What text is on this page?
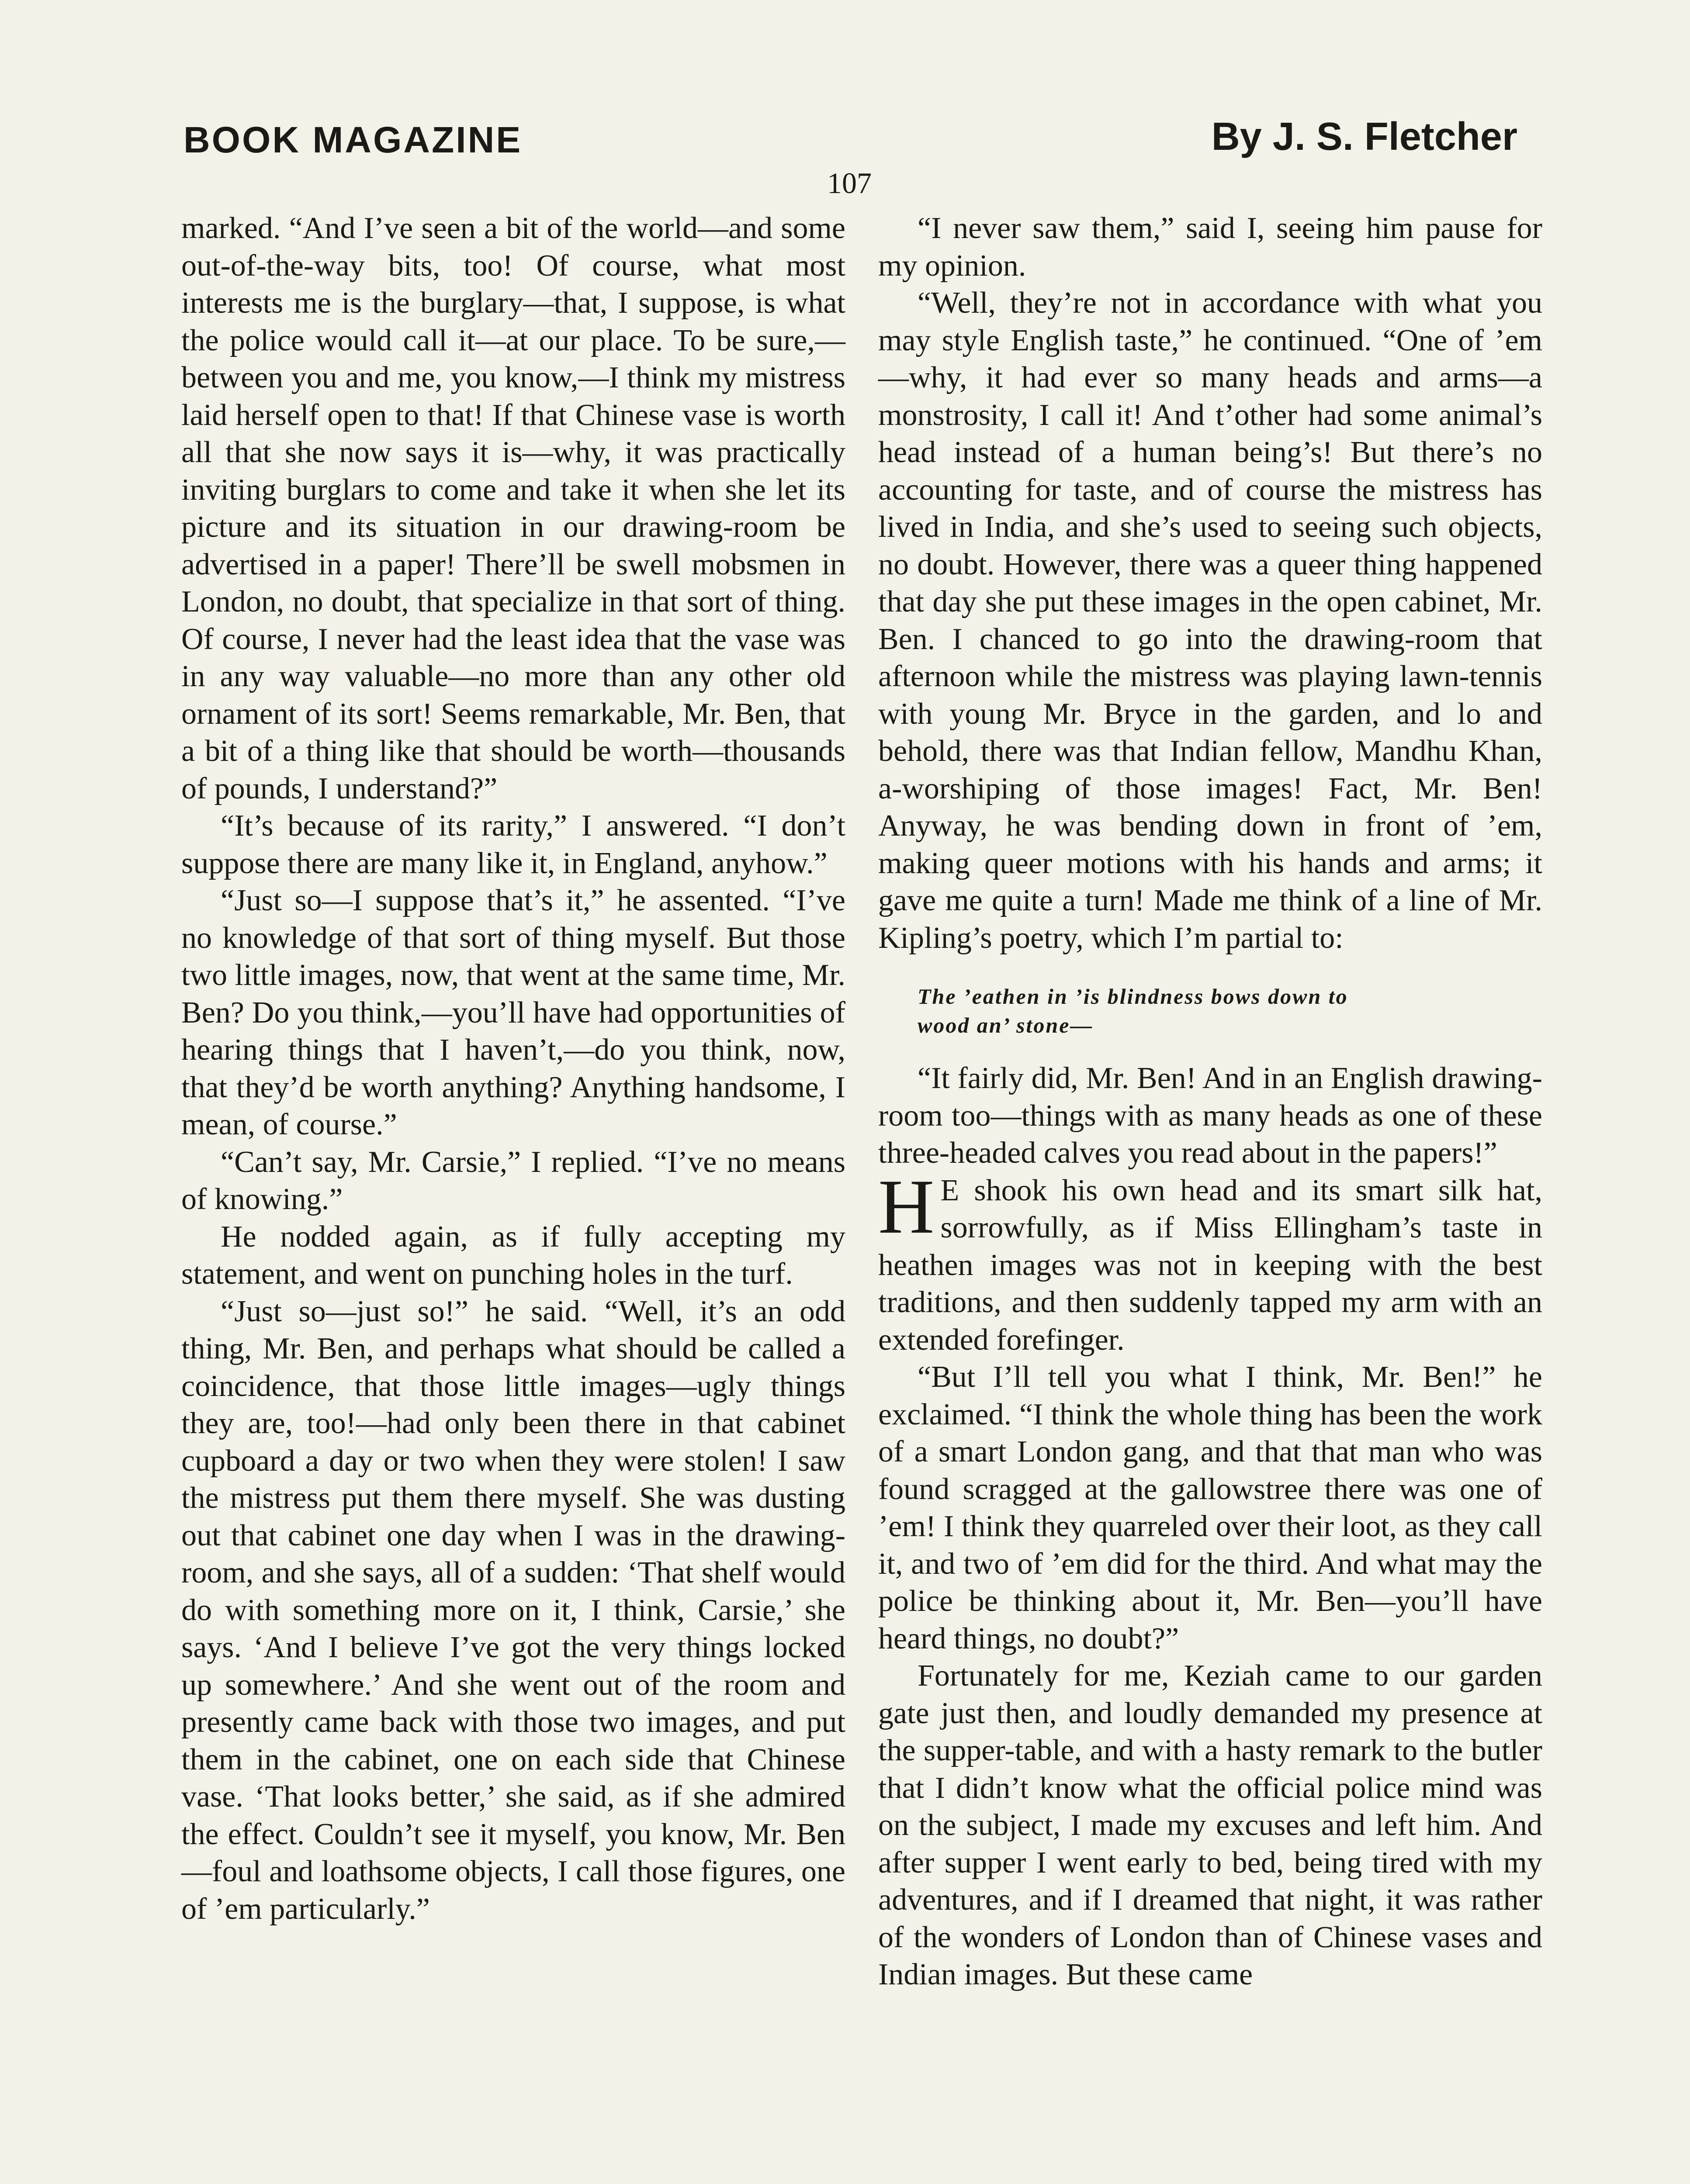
BOOK MAGAZINE	By J. S. Fletcher
107

marked. “And I’ve seen a bit of the world—and some out-of-the-way bits, too! Of course, what most interests me is the burglary—that, I suppose, is what the police would call it—at our place. To be sure,—between you and me, you know,—I think my mistress laid herself open to that! If that Chinese vase is worth all that she now says it is—why, it was practically inviting burglars to come and take it when she let its picture and its situation in our drawing-room be advertised in a paper! There’ll be swell mobsmen in London, no doubt, that specialize in that sort of thing. Of course, I never had the least idea that the vase was in any way valuable—no more than any other old ornament of its sort! Seems remarkable, Mr. Ben, that a bit of a thing like that should be worth—thousands of pounds, I understand?”

“It’s because of its rarity,” I answered. “I don’t suppose there are many like it, in England, anyhow.”

“Just so—I suppose that’s it,” he assented. “I’ve no knowledge of that sort of thing myself. But those two little images, now, that went at the same time, Mr. Ben? Do you think,—you’ll have had opportunities of hearing things that I haven’t,—do you think, now, that they’d be worth anything? Anything handsome, I mean, of course.”

“Can’t say, Mr. Carsie,” I replied. “I’ve no means of knowing.”

He nodded again, as if fully accepting my statement, and went on punching holes in the turf.

“Just so—just so!” he said. “Well, it’s an odd thing, Mr. Ben, and perhaps what should be called a coincidence, that those little images—ugly things they are, too!—had only been there in that cabinet cupboard a day or two when they were stolen! I saw the mistress put them there myself. She was dusting out that cabinet one day when I was in the drawing-room, and she says, all of a sudden: ‘That shelf would do with something more on it, I think, Carsie,’ she says. ‘And I believe I’ve got the very things locked up somewhere.’ And she went out of the room and presently came back with those two images, and put them in the cabinet, one on each side that Chinese vase. ‘That looks better,’ she said, as if she admired the effect. Couldn’t see it myself, you know, Mr. Ben—foul and loathsome objects, I call those figures, one of ’em particularly.”

“I never saw them,” said I, seeing him pause for my opinion.

“Well, they’re not in accordance with what you may style English taste,” he continued. “One of ’em—why, it had ever so many heads and arms—a monstrosity, I call it! And t’other had some animal’s head instead of a human being’s! But there’s no accounting for taste, and of course the mistress has lived in India, and she’s used to seeing such objects, no doubt. However, there was a queer thing happened that day she put these images in the open cabinet, Mr. Ben. I chanced to go into the drawing-room that afternoon while the mistress was playing lawn-tennis with young Mr. Bryce in the garden, and lo and behold, there was that Indian fellow, Mandhu Khan, a-worshiping of those images! Fact, Mr. Ben! Anyway, he was bending down in front of ’em, making queer motions with his hands and arms; it gave me quite a turn! Made me think of a line of Mr. Kipling’s poetry, which I’m partial to:

The ’eathen in ’is blindness bows down to
wood an’ stone—

“It fairly did, Mr. Ben! And in an English drawing-room too—things with as many heads as one of these three-headed calves you read about in the papers!”

H E shook his own head and its smart silk hat, sorrowfully, as if Miss Ellingham’s taste in heathen images was not in keeping with the best traditions, and then suddenly tapped my arm with an extended forefinger.

“But I’ll tell you what I think, Mr. Ben!” he exclaimed. “I think the whole thing has been the work of a smart London gang, and that that man who was found scragged at the gallowstree there was one of ’em! I think they quarreled over their loot, as they call it, and two of ’em did for the third. And what may the police be thinking about it, Mr. Ben—you’ll have heard things, no doubt?”

Fortunately for me, Keziah came to our garden gate just then, and loudly demanded my presence at the supper-table, and with a hasty remark to the butler that I didn’t know what the official police mind was on the subject, I made my excuses and left him. And after supper I went early to bed, being tired with my adventures, and if I dreamed that night, it was rather of the wonders of London than of Chinese vases and Indian images. But these came
